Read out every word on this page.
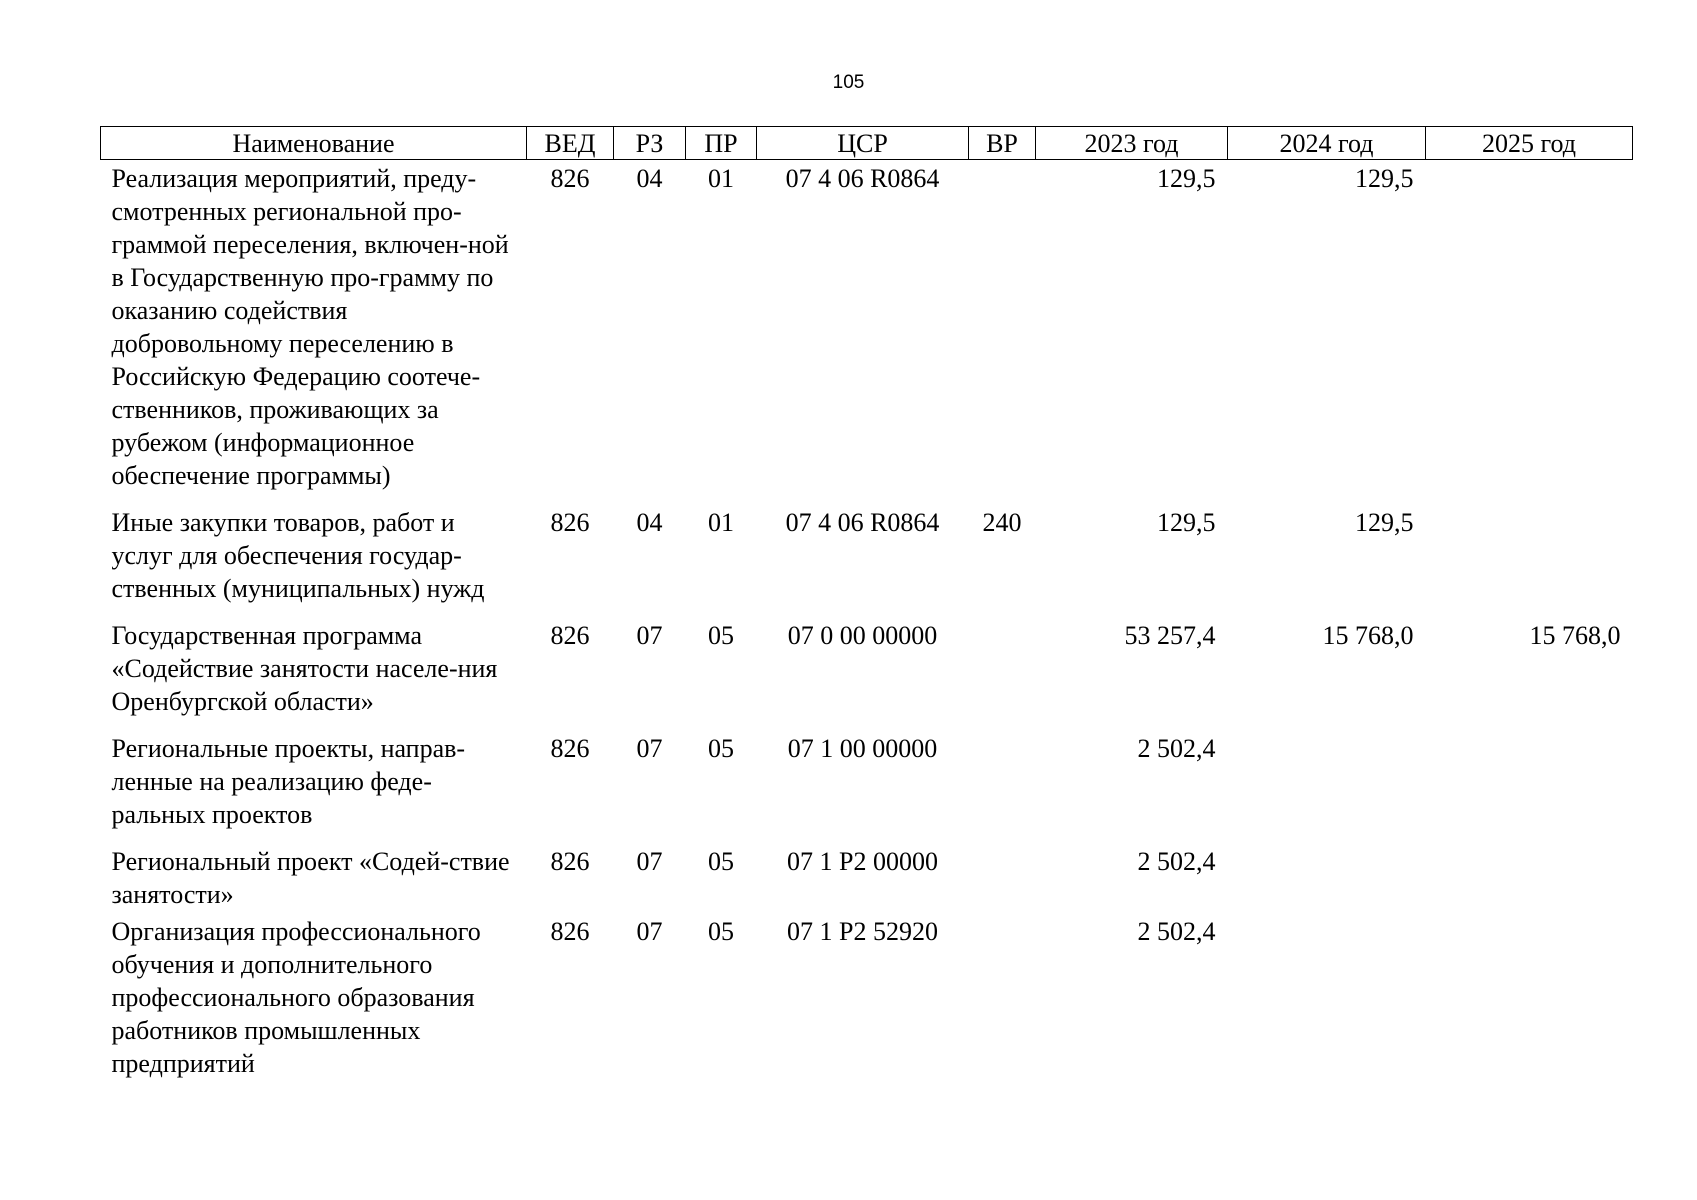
105
Наименование	ВЕД	РЗ	ПР	ЦСР	ВР	2023 год	2024 год	2025 год
Реализация мероприятий, преду-смотренных региональной про-граммой переселения, включен-ной в Государственную про-грамму по оказанию содействия добровольному переселению в Российскую Федерацию соотече-ственников, проживающих за рубежом (информационное обеспечение программы)	826	04	01	07 4 06 R0864		129,5	129,5	
Иные закупки товаров, работ и услуг для обеспечения государ-ственных (муниципальных) нужд	826	04	01	07 4 06 R0864	240	129,5	129,5	
Государственная программа «Содействие занятости населе-ния Оренбургской области»	826	07	05	07 0 00 00000		53 257,4	15 768,0	15 768,0
Региональные проекты, направ-ленные на реализацию феде-ральных проектов	826	07	05	07 1 00 00000		2 502,4		
Региональный проект «Содей-ствие занятости»	826	07	05	07 1 P2 00000		2 502,4		
Организация профессионального обучения и дополнительного профессионального образования работников промышленных предприятий	826	07	05	07 1 P2 52920		2 502,4		
